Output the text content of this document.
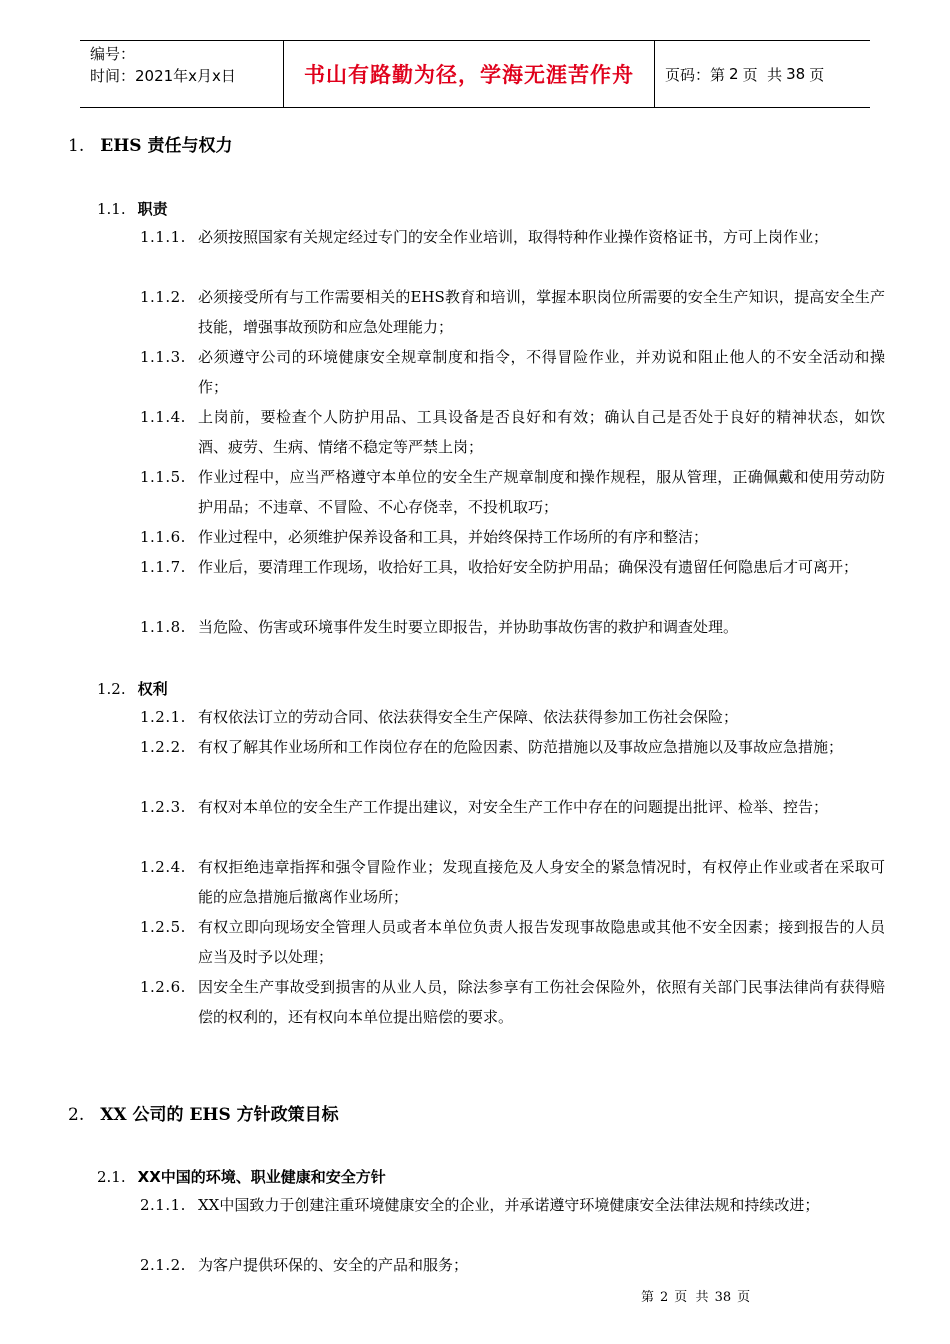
编号：
时间：2021年x月x日	书山有路勤为径，学海无涯苦作舟	页码：第 2 页  共 38 页
1. EHS 责任与权力
1.1. 职责
1.1.1. 必须按照国家有关规定经过专门的安全作业培训，取得特种作业操作资格证书，方可上岗作业；
1.1.2. 必须接受所有与工作需要相关的EHS教育和培训，掌握本职岗位所需要的安全生产知识，提高安全生产技能，增强事故预防和应急处理能力；
1.1.3. 必须遵守公司的环境健康安全规章制度和指令，不得冒险作业，并劝说和阻止他人的不安全活动和操作；
1.1.4. 上岗前，要检查个人防护用品、工具设备是否良好和有效；确认自己是否处于良好的精神状态，如饮酒、疲劳、生病、情绪不稳定等严禁上岗；
1.1.5. 作业过程中，应当严格遵守本单位的安全生产规章制度和操作规程，服从管理，正确佩戴和使用劳动防护用品；不违章、不冒险、不心存侥幸，不投机取巧；
1.1.6. 作业过程中，必须维护保养设备和工具，并始终保持工作场所的有序和整洁；
1.1.7. 作业后，要清理工作现场，收拾好工具，收拾好安全防护用品；确保没有遗留任何隐患后才可离开；
1.1.8. 当危险、伤害或环境事件发生时要立即报告，并协助事故伤害的救护和调查处理。
1.2. 权利
1.2.1. 有权依法订立的劳动合同、依法获得安全生产保障、依法获得参加工伤社会保险；
1.2.2. 有权了解其作业场所和工作岗位存在的危险因素、防范措施以及事故应急措施以及事故应急措施；
1.2.3. 有权对本单位的安全生产工作提出建议，对安全生产工作中存在的问题提出批评、检举、控告；
1.2.4. 有权拒绝违章指挥和强令冒险作业；发现直接危及人身安全的紧急情况时，有权停止作业或者在采取可能的应急措施后撤离作业场所；
1.2.5. 有权立即向现场安全管理人员或者本单位负责人报告发现事故隐患或其他不安全因素；接到报告的人员应当及时予以处理；
1.2.6. 因安全生产事故受到损害的从业人员，除法参享有工伤社会保险外，依照有关部门民事法律尚有获得赔偿的权利的，还有权向本单位提出赔偿的要求。
2. XX 公司的 EHS 方针政策目标
2.1. XX中国的环境、职业健康和安全方针
2.1.1. XX中国致力于创建注重环境健康安全的企业，并承诺遵守环境健康安全法律法规和持续改进；
2.1.2. 为客户提供环保的、安全的产品和服务；
第 2 页  共 38 页
